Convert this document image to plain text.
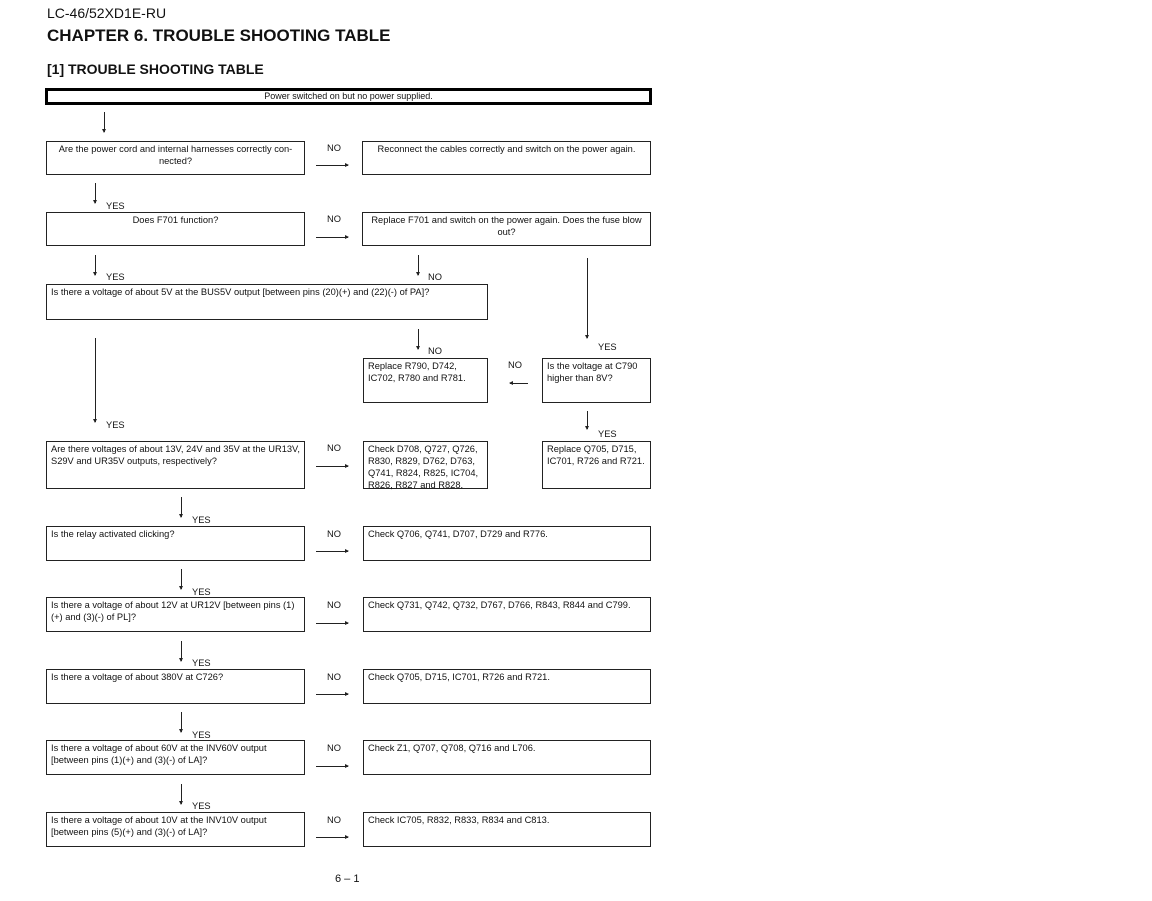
LC-46/52XD1E-RU
CHAPTER 6. TROUBLE SHOOTING TABLE
[1] TROUBLE SHOOTING TABLE
Power switched on but no power supplied.
Are the power cord and internal harnesses correctly con-nected?
NO	Reconnect the cables correctly and switch on the power again.
YES
Does F701 function?	NO	Replace F701 and switch on the power again. Does the fuse blow out?
YES	NO
Is there a voltage of about 5V at the BUS5V output [between pins (20)(+) and (22)(-) of PA]?
NO	YES
Replace R790, D742, IC702, R780 and R781.
NO	Is the voltage at C790 higher than 8V?
YES
YES
Are there voltages of about 13V, 24V and 35V at the UR13V, S29V and UR35V outputs, respectively?
NO	Check D708, Q727, Q726, R830, R829, D762, D763, Q741, R824, R825, IC704, R826, R827 and R828.
Replace Q705, D715, IC701, R726 and R721.
YES
Is the relay activated clicking?	NO	Check Q706, Q741, D707, D729 and R776.
YES
Is there a voltage of about 12V at UR12V [between pins (1)(+) and (3)(-) of PL]?
NO	Check Q731, Q742, Q732, D767, D766, R843, R844 and C799.
YES
Is there a voltage of about 380V at C726?	NO	Check Q705, D715, IC701, R726 and R721.
YES
Is there a voltage of about 60V at the INV60V output [between pins (1)(+) and (3)(-) of LA]?
NO	Check Z1, Q707, Q708, Q716 and L706.
YES
Is there a voltage of about 10V at the INV10V output [between pins (5)(+) and (3)(-) of LA]?
NO	Check IC705, R832, R833, R834 and C813.
6 – 1
